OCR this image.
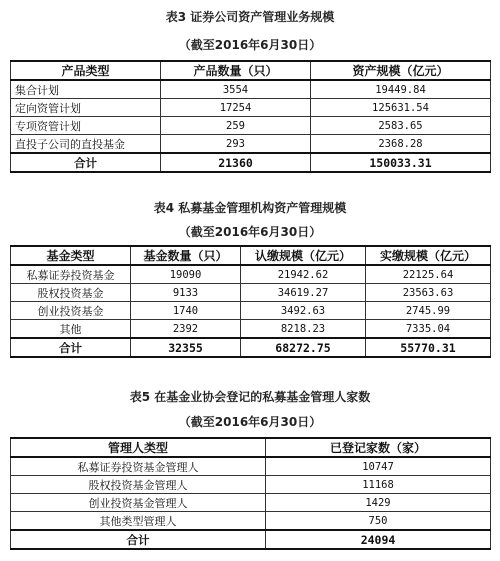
表3 证券公司资产管理业务规模
（截至2016年6月30日）
产品类型	产品数量（只）	资产规模（亿元）
集合计划	3554	19449.84
定向资管计划	17254	125631.54
专项资管计划	259	2583.65
直投子公司的直投基金	293	2368.28
合计	21360	150033.31
表4 私募基金管理机构资产管理规模
（截至2016年6月30日）
基金类型	基金数量（只）	认缴规模（亿元）	实缴规模（亿元）
私募证券投资基金	19090	21942.62	22125.64
股权投资基金	9133	34619.27	23563.63
创业投资基金	1740	3492.63	2745.99
其他	2392	8218.23	7335.04
合计	32355	68272.75	55770.31
表5 在基金业协会登记的私募基金管理人家数
（截至2016年6月30日）
管理人类型	已登记家数（家）
私募证券投资基金管理人	10747
股权投资基金管理人	11168
创业投资基金管理人	1429
其他类型管理人	750
合计	24094
